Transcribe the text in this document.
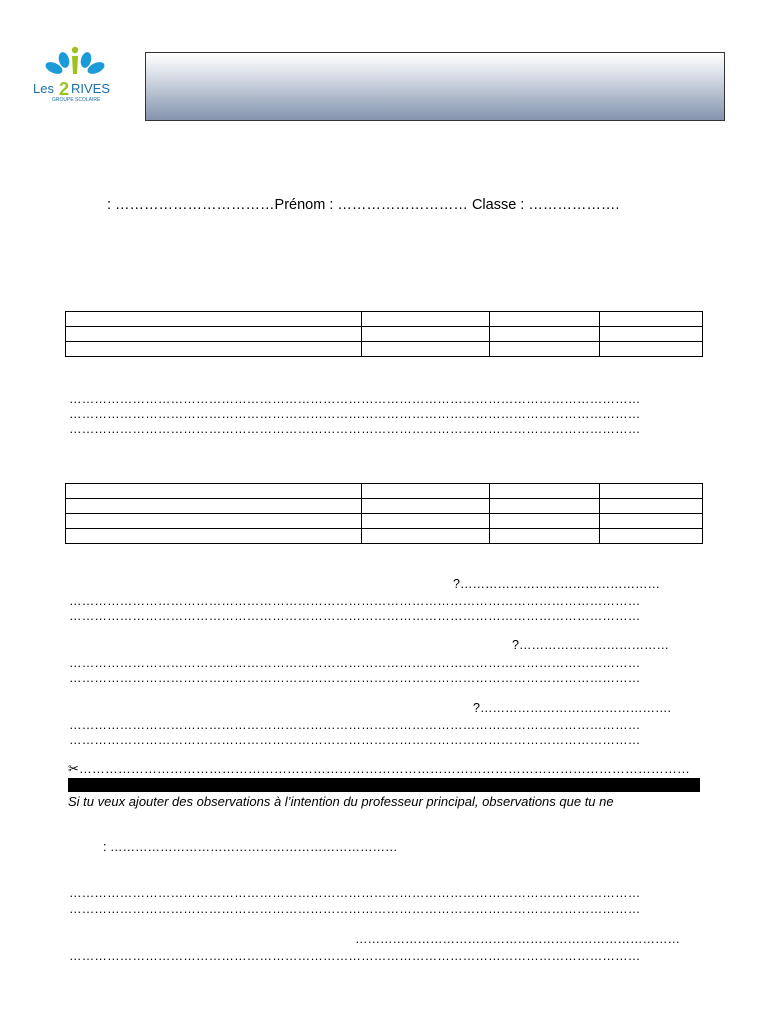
Les 2 RIVES
GROUPE SCOLAIRE
: ……………………………Prénom : ……………………… Classe : ……………….

………………………………………………………………………………………………………………………
………………………………………………………………………………………………………………………
………………………………………………………………………………………………………………………

?…………………………………………
………………………………………………………………………………………………………………………
………………………………………………………………………………………………………………………
?………………………………
………………………………………………………………………………………………………………………
………………………………………………………………………………………………………………………
?……………………………………….
………………………………………………………………………………………………………………………
………………………………………………………………………………………………………………………
✂……………………………………………………………………………………………………………………………
Si tu veux ajouter des observations à l’intention du professeur principal, observations que tu ne
: ……………………………………………………………
………………………………………………………………………………………………………………………
………………………………………………………………………………………………………………………
……………………………………………………………………
………………………………………………………………………………………………………………………
